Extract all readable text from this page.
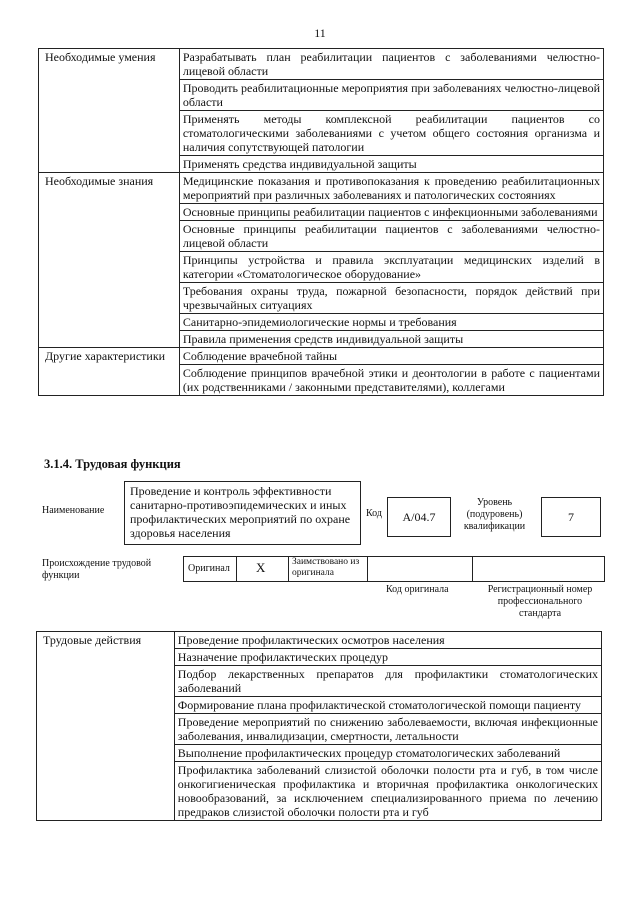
11
Необходимые умения	Разрабатывать план реабилитации пациентов с заболеваниями челюстно-лицевой области
	Проводить реабилитационные мероприятия при заболеваниях челюстно-лицевой области
	Применять методы комплексной реабилитации пациентов со стоматологическими заболеваниями с учетом общего состояния организма и наличия сопутствующей патологии
	Применять средства индивидуальной защиты
Необходимые знания	Медицинские показания и противопоказания к проведению реабилитационных мероприятий при различных заболеваниях и патологических состояниях
	Основные принципы реабилитации пациентов с инфекционными заболеваниями
	Основные принципы реабилитации пациентов с заболеваниями челюстно-лицевой области
	Принципы устройства и правила эксплуатации медицинских изделий в категории «Стоматологическое оборудование»
	Требования охраны труда, пожарной безопасности, порядок действий при чрезвычайных ситуациях
	Санитарно-эпидемиологические нормы и требования
	Правила применения средств индивидуальной защиты
Другие характеристики	Соблюдение врачебной тайны
	Соблюдение принципов врачебной этики и деонтологии в работе с пациентами (их родственниками / законными представителями), коллегами
3.1.4. Трудовая функция
Наименование
Проведение и контроль эффективности санитарно-противоэпидемических и иных профилактических мероприятий по охране здоровья населения
Код	A/04.7
Уровень (подуровень) квалификации
7
Происхождение трудовой функции
Оригинал X	Заимствовано из оригинала
Код оригинала	Регистрационный номер профессионального стандарта
Трудовые действия	Проведение профилактических осмотров населения
Назначение профилактических процедур
Подбор лекарственных препаратов для профилактики стоматологических заболеваний
Формирование плана профилактической стоматологической помощи пациенту
Проведение мероприятий по снижению заболеваемости, включая инфекционные заболевания, инвалидизации, смертности, летальности
Выполнение профилактических процедур стоматологических заболеваний
Профилактика заболеваний слизистой оболочки полости рта и губ, в том числе онкогигиеническая профилактика и вторичная профилактика онкологических новообразований, за исключением специализированного приема по лечению предраков слизистой оболочки полости рта и губ
